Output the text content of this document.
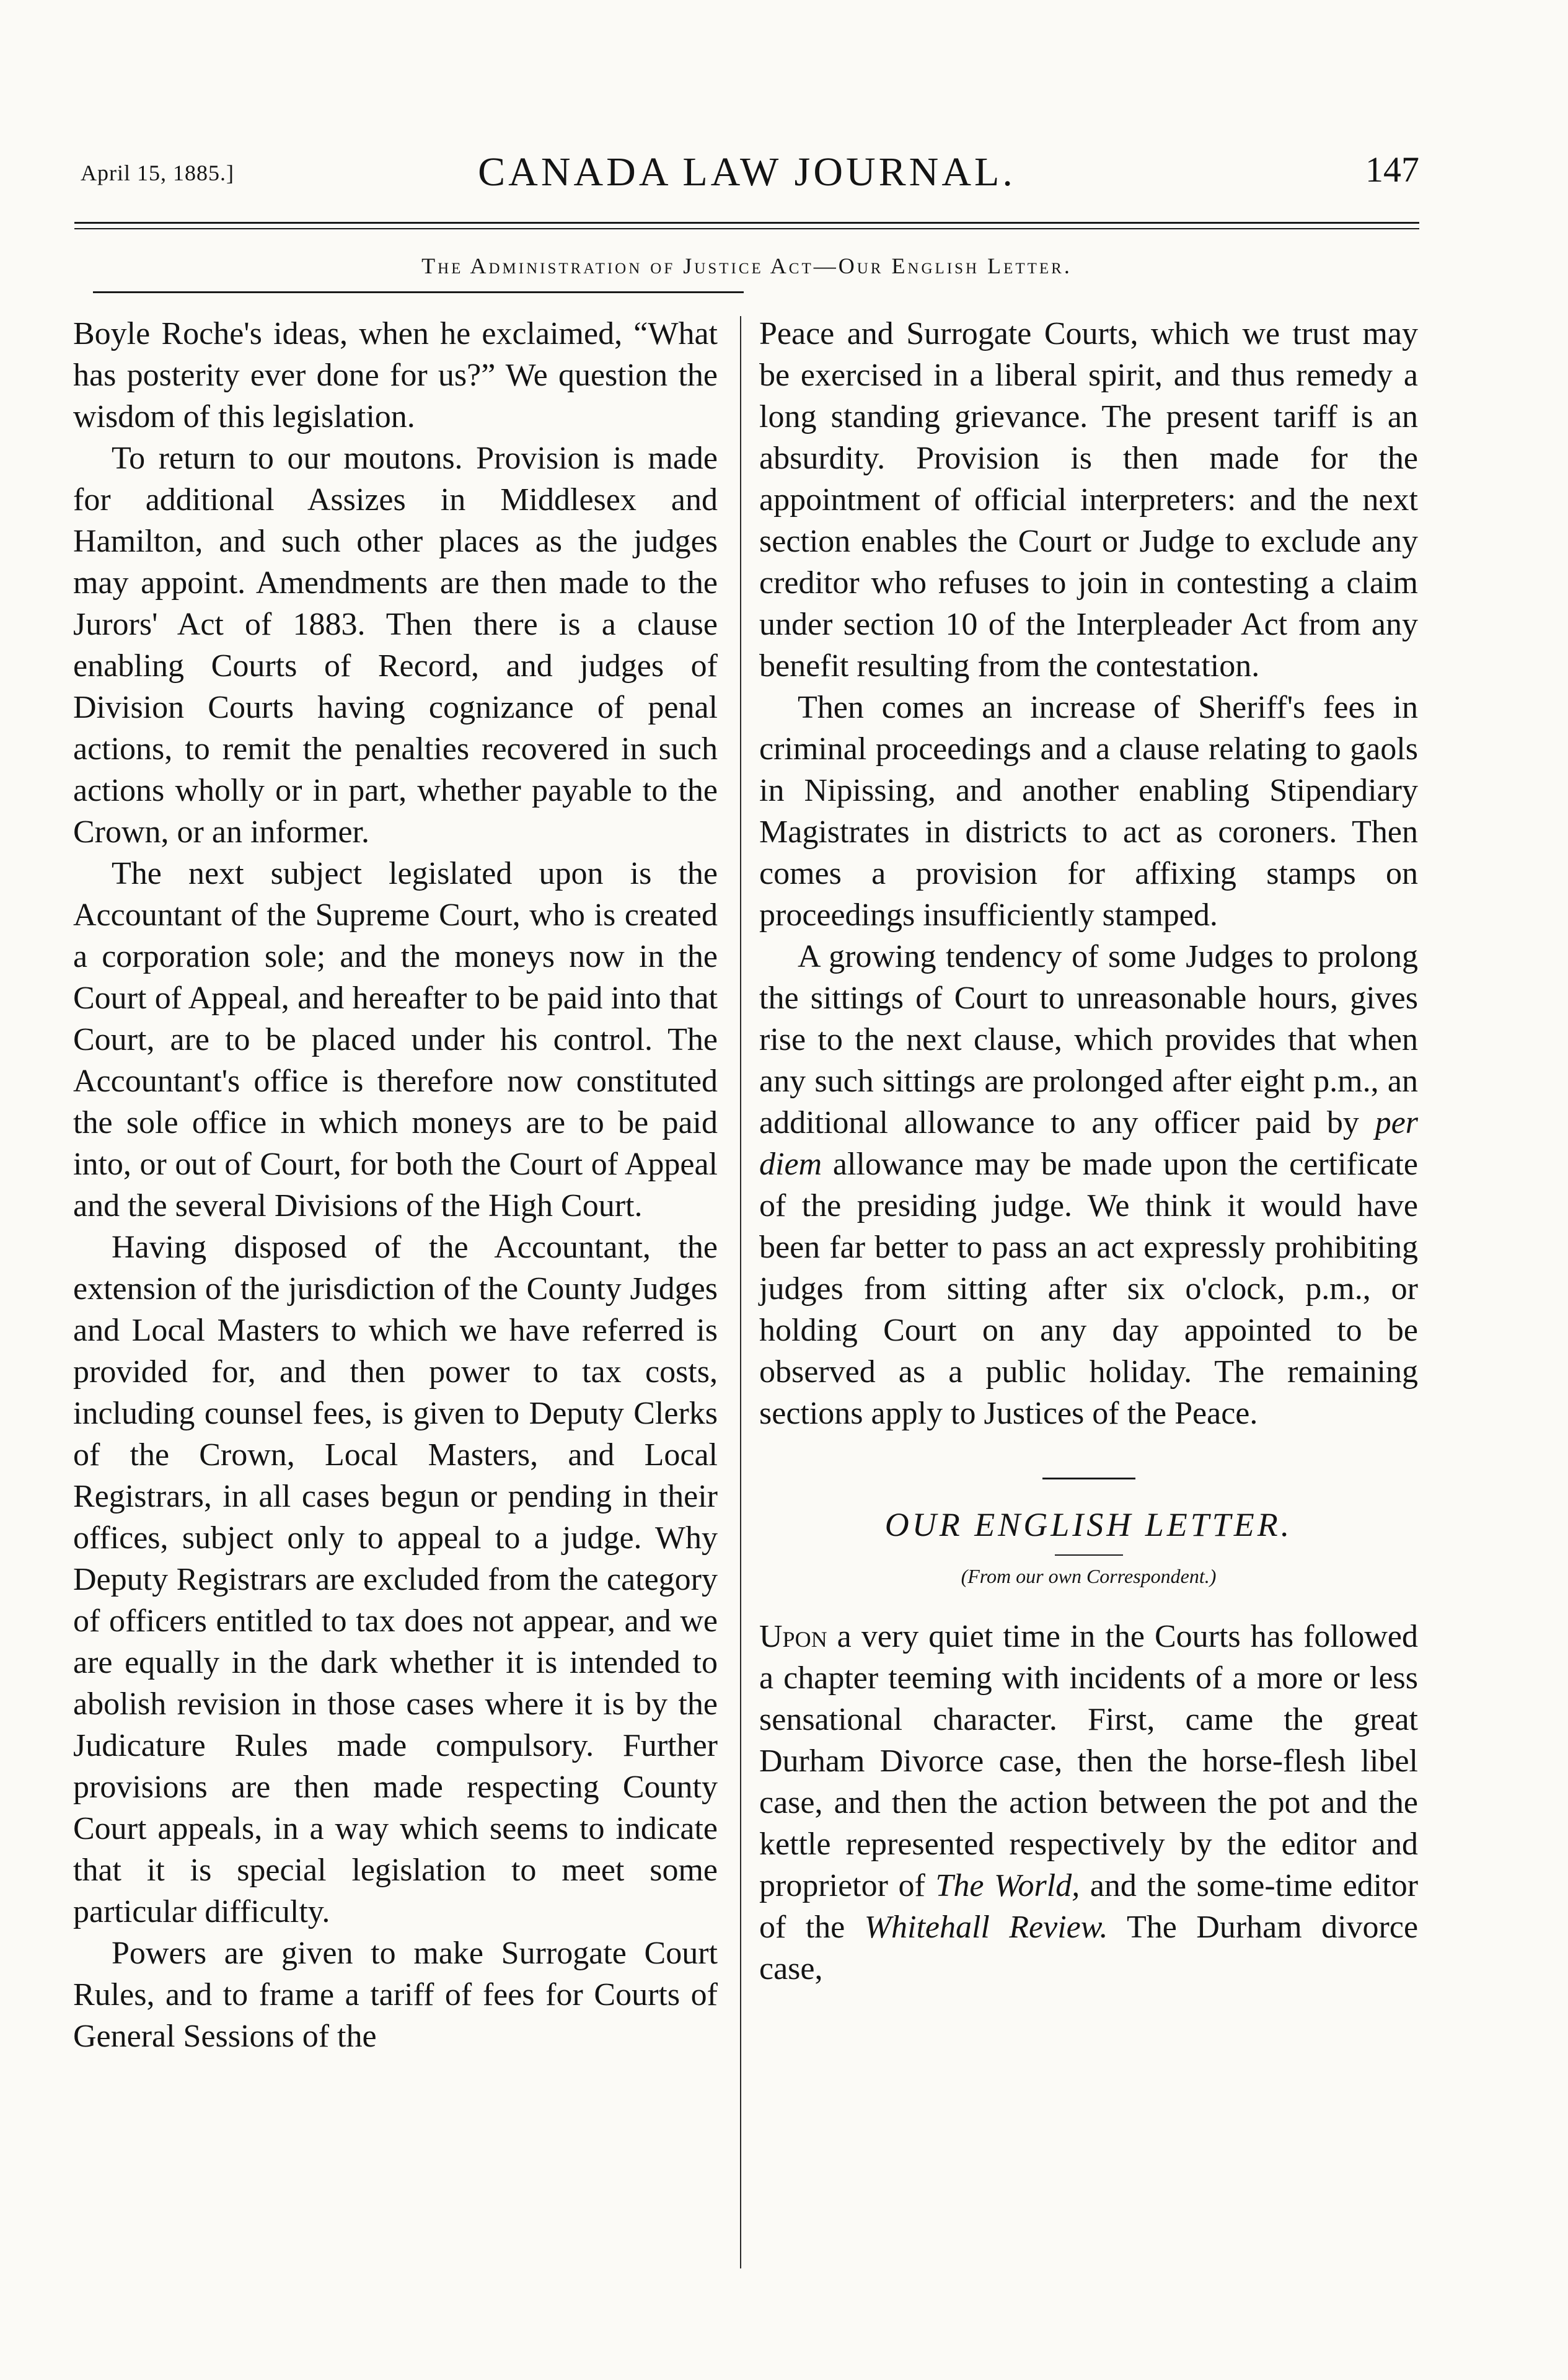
April 15, 1885.]	CANADA LAW JOURNAL.	147
The Administration of Justice Act—Our English Letter.

Boyle Roche's ideas, when he exclaimed, “What has posterity ever done for us?” We question the wisdom of this legislation.

To return to our moutons. Provision is made for additional Assizes in Middlesex and Hamilton, and such other places as the judges may appoint. Amendments are then made to the Jurors' Act of 1883. Then there is a clause enabling Courts of Record, and judges of Division Courts having cognizance of penal actions, to remit the penalties recovered in such actions wholly or in part, whether payable to the Crown, or an informer.

The next subject legislated upon is the Accountant of the Supreme Court, who is created a corporation sole; and the moneys now in the Court of Appeal, and hereafter to be paid into that Court, are to be placed under his control. The Accountant's office is therefore now constituted the sole office in which moneys are to be paid into, or out of Court, for both the Court of Appeal and the several Divisions of the High Court.

Having disposed of the Accountant, the extension of the jurisdiction of the County Judges and Local Masters to which we have referred is provided for, and then power to tax costs, including counsel fees, is given to Deputy Clerks of the Crown, Local Masters, and Local Registrars, in all cases begun or pending in their offices, subject only to appeal to a judge. Why Deputy Registrars are excluded from the category of officers entitled to tax does not appear, and we are equally in the dark whether it is intended to abolish revision in those cases where it is by the Judicature Rules made compulsory. Further provisions are then made respecting County Court appeals, in a way which seems to indicate that it is special legislation to meet some particular difficulty.

Powers are given to make Surrogate Court Rules, and to frame a tariff of fees for Courts of General Sessions of the

Peace and Surrogate Courts, which we trust may be exercised in a liberal spirit, and thus remedy a long standing grievance. The present tariff is an absurdity. Provision is then made for the appointment of official interpreters: and the next section enables the Court or Judge to exclude any creditor who refuses to join in contesting a claim under section 10 of the Interpleader Act from any benefit resulting from the contestation.

Then comes an increase of Sheriff's fees in criminal proceedings and a clause relating to gaols in Nipissing, and another enabling Stipendiary Magistrates in districts to act as coroners. Then comes a provision for affixing stamps on proceedings insufficiently stamped.

A growing tendency of some Judges to prolong the sittings of Court to unreasonable hours, gives rise to the next clause, which provides that when any such sittings are prolonged after eight p.m., an additional allowance to any officer paid by per diem allowance may be made upon the certificate of the presiding judge. We think it would have been far better to pass an act expressly prohibiting judges from sitting after six o'clock, p.m., or holding Court on any day appointed to be observed as a public holiday. The remaining sections apply to Justices of the Peace.

OUR ENGLISH LETTER.

(From our own Correspondent.)

Upon a very quiet time in the Courts has followed a chapter teeming with incidents of a more or less sensational character. First, came the great Durham Divorce case, then the horse-flesh libel case, and then the action between the pot and the kettle represented respectively by the editor and proprietor of The World, and the some-time editor of the Whitehall Review. The Durham divorce case,
